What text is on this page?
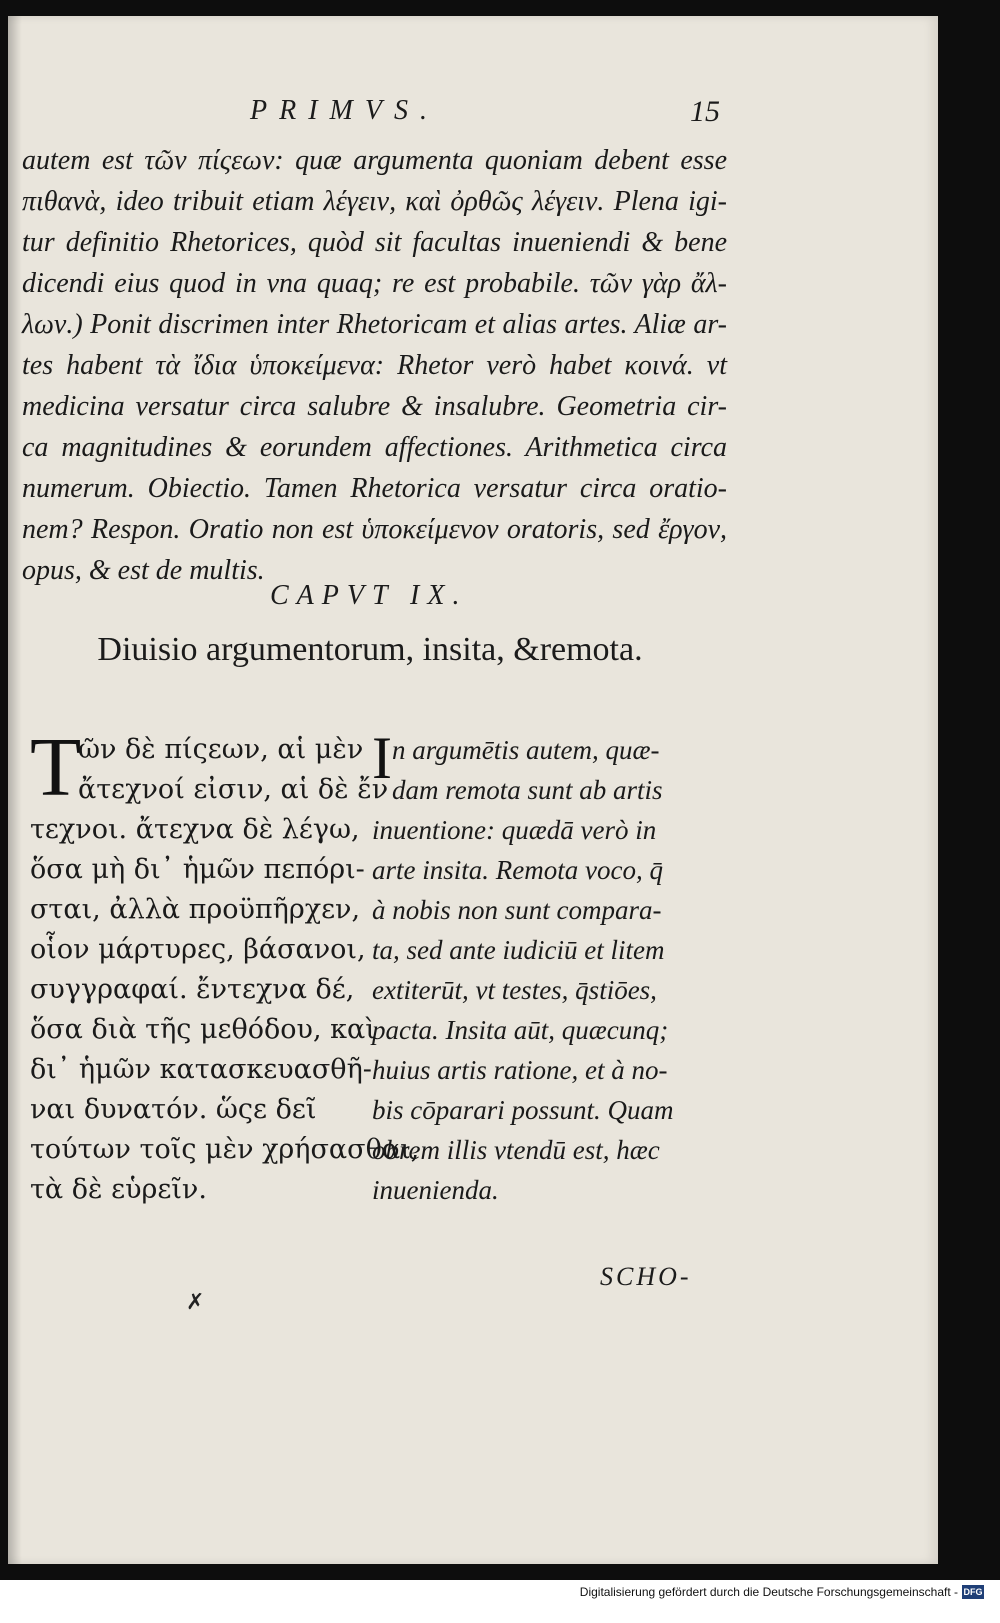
PRIMVS.	15
autem est τῶν πίςεων: quæ argumenta quoniam debent esse
πιθανὰ, ideo tribuit etiam λέγειν, καὶ ὀρθῶς λέγειν. Plena igi-
tur definitio Rhetorices, quòd sit facultas inueniendi & bene
dicendi eius quod in vna quaq; re est probabile. τῶν γὰρ ἄλ-
λων.) Ponit discrimen inter Rhetoricam et alias artes. Aliæ ar-
tes habent τὰ ἴδια ὑποκείμενα: Rhetor verò habet κοινά. vt
medicina versatur circa salubre & insalubre. Geometria cir-
ca magnitudines & eorundem affectiones. Arithmetica circa
numerum. Obiectio. Tamen Rhetorica versatur circa oratio-
nem? Respon. Oratio non est ὑποκείμενον oratoris, sed ἔργον,
opus, & est de multis.
CAPVT IX.
Diuisio argumentorum, insita, &remota.
Τ
ῶν δὲ πίςεων, αἱ μὲν
ἄτεχνοί εἰσιν, αἱ δὲ ἔν
τεχνοι. ἄτεχνα δὲ λέγω,
ὅσα μὴ δι᾽ ἡμῶν πεπόρι-
σται, ἀλλὰ προϋπῆρχεν,
οἷον μάρτυρες, βάσανοι,
συγγραφαί. ἔντεχνα δέ,
ὅσα διὰ τῆς μεθόδου, καὶ
δι᾽ ἡμῶν κατασκευασθῆ-
ναι δυνατόν. ὥςε δεῖ
τούτων τοῖς μὲν χρήσασθαι,
τὰ δὲ εὑρεῖν.
I n argumētis autem, quæ-
dam remota sunt ab artis
inuentione: quædā verò in
arte insita. Remota voco, q̄
à nobis non sunt compara-
ta, sed ante iudiciū et litem
extiterūt, vt testes, q̄stiōes,
pacta. Insita aūt, quæcunq;
huius artis ratione, et à no-
bis cōparari possunt. Quam
obrem illis vtendū est, hæc
inuenienda.
SCHO-
✗
Digitalisierung gefördert durch die Deutsche Forschungsgemeinschaft - DFG
